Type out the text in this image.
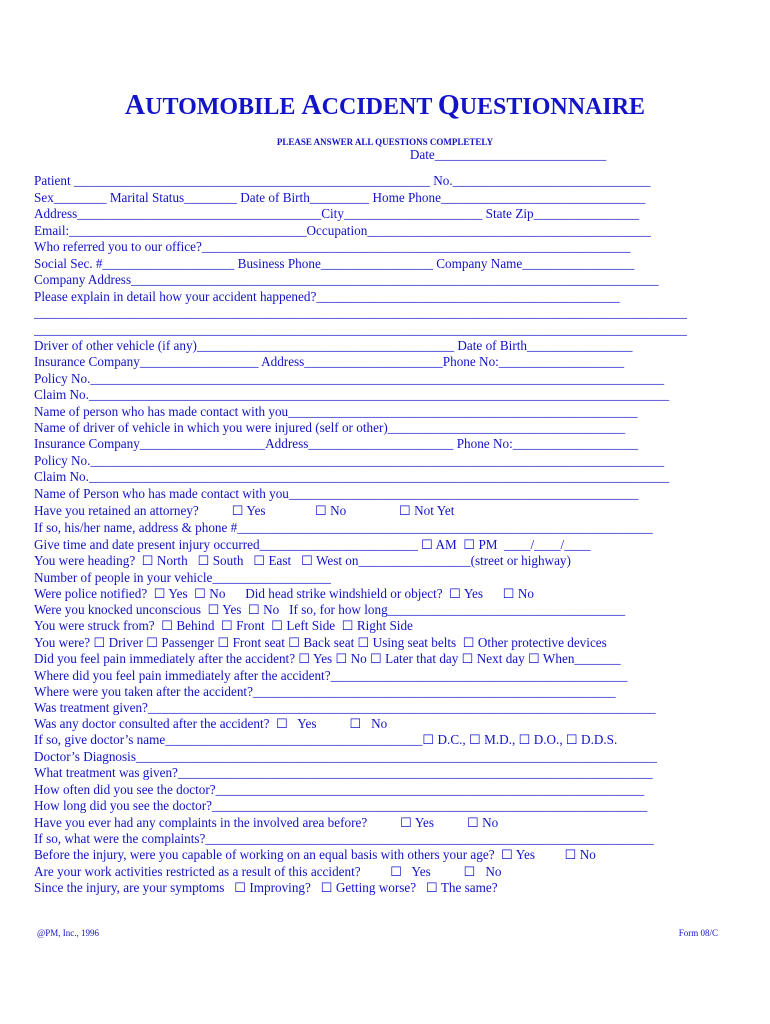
AUTOMOBILE ACCIDENT QUESTIONNAIRE
PLEASE ANSWER ALL QUESTIONS COMPLETELY
Date__________________________
Patient ______________________________________________________ No.______________________________
Sex________ Marital Status________ Date of Birth_________ Home Phone_______________________________
Address_____________________________________City_____________________ State Zip________________
Email:____________________________________Occupation___________________________________________
Who referred you to our office?_________________________________________________________________
Social Sec. #____________________ Business Phone_________________ Company Name_________________
Company Address________________________________________________________________________________
Please explain in detail how your accident happened?______________________________________________
___________________________________________________________________________________________________
___________________________________________________________________________________________________
Driver of other vehicle (if any)_______________________________________ Date of Birth________________
Insurance Company__________________ Address_____________________Phone No:___________________
Policy No._______________________________________________________________________________________
Claim No.________________________________________________________________________________________
Name of person who has made contact with you_____________________________________________________
Name of driver of vehicle in which you were injured (self or other)____________________________________
Insurance Company___________________Address______________________ Phone No:___________________
Policy No._______________________________________________________________________________________
Claim No.________________________________________________________________________________________
Name of Person who has made contact with you_____________________________________________________
Have you retained an attorney?          ☐ Yes               ☐ No                ☐ Not Yet
If so, his/her name, address & phone #_______________________________________________________________
Give time and date present injury occurred________________________ ☐ AM  ☐ PM  ____/____/____
You were heading?  ☐ North   ☐ South   ☐ East   ☐ West on_________________(street or highway)
Number of people in your vehicle__________________
Were police notified?  ☐ Yes  ☐ No      Did head strike windshield or object?  ☐ Yes      ☐ No
Were you knocked unconscious  ☐ Yes  ☐ No   If so, for how long____________________________________
You were struck from?  ☐ Behind  ☐ Front  ☐ Left Side  ☐ Right Side
You were? ☐ Driver ☐ Passenger ☐ Front seat ☐ Back seat ☐ Using seat belts  ☐ Other protective devices
Did you feel pain immediately after the accident? ☐ Yes ☐ No ☐ Later that day ☐ Next day ☐ When_______
Where did you feel pain immediately after the accident?_____________________________________________
Where were you taken after the accident?_______________________________________________________
Was treatment given?_____________________________________________________________________________
Was any doctor consulted after the accident?  ☐   Yes          ☐   No
If so, give doctor’s name_______________________________________☐ D.C., ☐ M.D., ☐ D.O., ☐ D.D.S.
Doctor’s Diagnosis_______________________________________________________________________________
What treatment was given?________________________________________________________________________
How often did you see the doctor?_________________________________________________________________
How long did you see the doctor?__________________________________________________________________
Have you ever had any complaints in the involved area before?          ☐ Yes          ☐ No
If so, what were the complaints?____________________________________________________________________
Before the injury, were you capable of working on an equal basis with others your age?  ☐ Yes         ☐ No
Are your work activities restricted as a result of this accident?         ☐   Yes          ☐   No
Since the injury, are your symptoms   ☐ Improving?   ☐ Getting worse?   ☐ The same?
@PM, Inc., 1996	Form 08/C
